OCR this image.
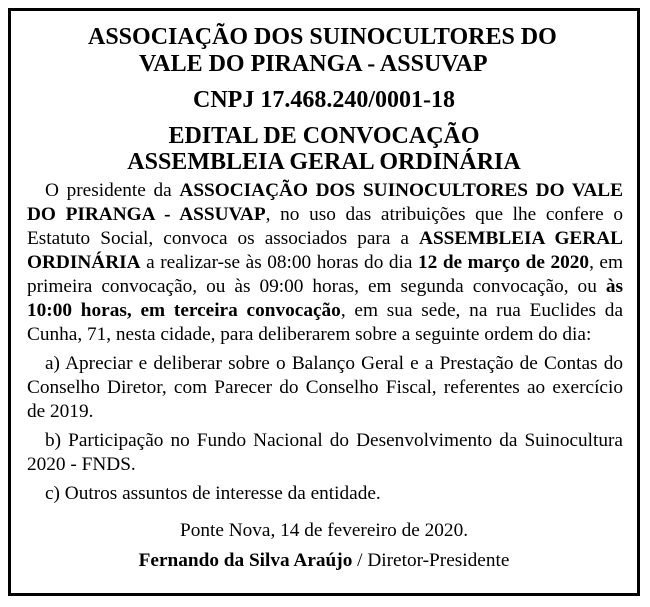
ASSOCIAÇÃO DOS SUINOCULTORES DO
VALE DO PIRANGA - ASSUVAP
CNPJ 17.468.240/0001-18
EDITAL DE CONVOCAÇÃO
ASSEMBLEIA GERAL ORDINÁRIA

O presidente da ASSOCIAÇÃO DOS SUINOCULTORES DO VALE DO PIRANGA - ASSUVAP, no uso das atribuições que lhe confere o Estatuto Social, convoca os associados para a ASSEMBLEIA GERAL ORDINÁRIA a realizar-se às 08:00 horas do dia 12 de março de 2020, em primeira convocação, ou às 09:00 horas, em segunda convocação, ou às 10:00 horas, em terceira convocação, em sua sede, na rua Euclides da Cunha, 71, nesta cidade, para deliberarem sobre a seguinte ordem do dia:

a) Apreciar e deliberar sobre o Balanço Geral e a Prestação de Contas do Conselho Diretor, com Parecer do Conselho Fiscal, referentes ao exercício de 2019.

b) Participação no Fundo Nacional do Desenvolvimento da Suinocultura 2020 - FNDS.

c) Outros assuntos de interesse da entidade.

Ponte Nova, 14 de fevereiro de 2020.
Fernando da Silva Araújo / Diretor-Presidente
